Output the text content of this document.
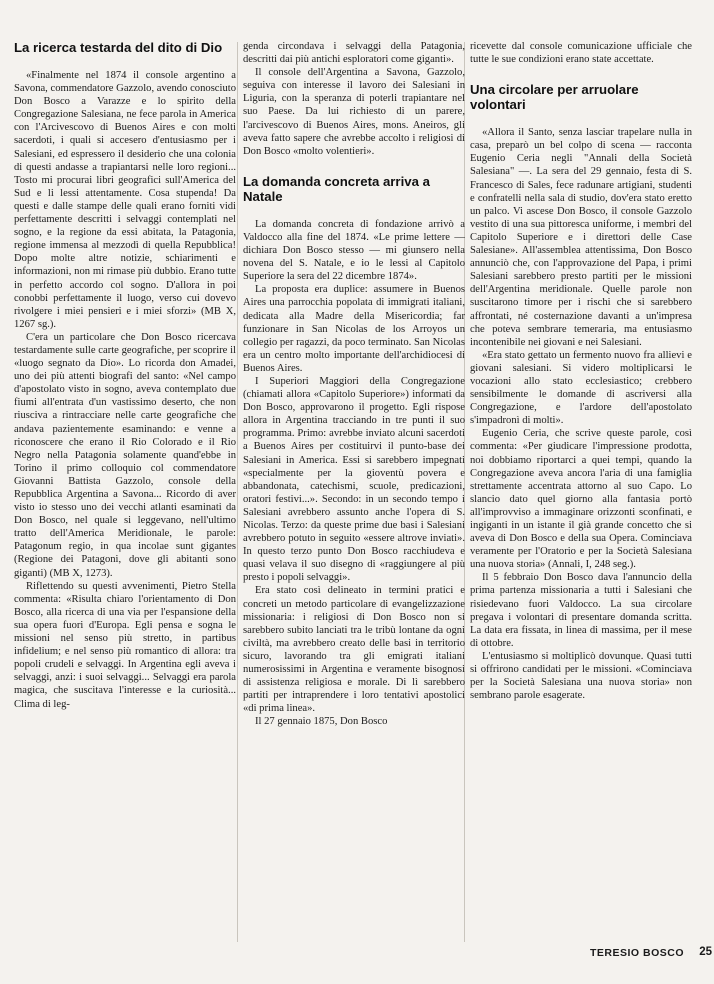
La ricerca testarda del dito di Dio

«Finalmente nel 1874 il console argentino a Savona, commendatore Gazzolo, avendo conosciuto Don Bosco a Varazze e lo spirito della Congregazione Salesiana, ne fece parola in America con l'Arcivescovo di Buenos Aires e con molti sacerdoti, i quali si accesero d'entusiasmo per i Salesiani, ed espressero il desiderio che una colonia di questi andasse a trapiantarsi nelle loro regioni... Tosto mi procurai libri geografici sull'America del Sud e li lessi attentamente. Cosa stupenda! Da questi e dalle stampe delle quali erano forniti vidi perfettamente descritti i selvaggi contemplati nel sogno, e la regione da essi abitata, la Patagonia, regione immensa al mezzodì di quella Repubblica! Dopo molte altre notizie, schiarimenti e informazioni, non mi rimase più dubbio. Erano tutte in perfetto accordo col sogno. D'allora in poi conobbi perfettamente il luogo, verso cui dovevo rivolgere i miei pensieri e i miei sforzi» (MB X, 1267 sg.).

C'era un particolare che Don Bosco ricercava testardamente sulle carte geografiche, per scoprire il «luogo segnato da Dio». Lo ricorda don Amadei, uno dei più attenti biografi del santo: «Nel campo d'apostolato visto in sogno, aveva contemplato due fiumi all'entrata d'un vastissimo deserto, che non riusciva a rintracciare nelle carte geografiche che andava pazientemente esaminando: e venne a riconoscere che erano il Rio Colorado e il Rio Negro nella Patagonia solamente quand'ebbe in Torino il primo colloquio col commendatore Giovanni Battista Gazzolo, console della Repubblica Argentina a Savona... Ricordo di aver visto io stesso uno dei vecchi atlanti esaminati da Don Bosco, nel quale si leggevano, nell'ultimo tratto dell'America Meridionale, le parole: Patagonum regio, in qua incolae sunt gigantes (Regione dei Patagoni, dove gli abitanti sono giganti) (MB X, 1273).

Riflettendo su questi avvenimenti, Pietro Stella commenta: «Risulta chiaro l'orientamento di Don Bosco, alla ricerca di una via per l'espansione della sua opera fuori d'Europa. Egli pensa e sogna le missioni nel senso più stretto, in partibus infidelium; e nel senso più romantico di allora: tra popoli crudeli e selvaggi. In Argentina egli aveva i selvaggi, anzi: i suoi selvaggi... Selvaggi era parola magica, che suscitava l'interesse e la curiosità... Clima di leg-

genda circondava i selvaggi della Patagonia, descritti dai più antichi esploratori come giganti».

Il console dell'Argentina a Savona, Gazzolo, seguiva con interesse il lavoro dei Salesiani in Liguria, con la speranza di poterli trapiantare nel suo Paese. Da lui richiesto di un parere, l'arcivescovo di Buenos Aires, mons. Aneiros, gli aveva fatto sapere che avrebbe accolto i religiosi di Don Bosco «molto volentieri».

La domanda concreta arriva a Natale

La domanda concreta di fondazione arrivò a Valdocco alla fine del 1874. «Le prime lettere — dichiara Don Bosco stesso — mi giunsero nella novena del S. Natale, e io le lessi al Capitolo Superiore la sera del 22 dicembre 1874».

La proposta era duplice: assumere in Buenos Aires una parrocchia popolata di immigrati italiani, dedicata alla Madre della Misericordia; far funzionare in San Nicolas de los Arroyos un collegio per ragazzi, da poco terminato. San Nicolas era un centro molto importante dell'archidiocesi di Buenos Aires.

I Superiori Maggiori della Congregazione (chiamati allora «Capitolo Superiore») informati da Don Bosco, approvarono il progetto. Egli rispose allora in Argentina tracciando in tre punti il suo programma. Primo: avrebbe inviato alcuni sacerdoti a Buenos Aires per costituirvi il punto-base dei Salesiani in America. Essi si sarebbero impegnati «specialmente per la gioventù povera e abbandonata, catechismi, scuole, predicazioni, oratori festivi...». Secondo: in un secondo tempo i Salesiani avrebbero assunto anche l'opera di S. Nicolas. Terzo: da queste prime due basi i Salesiani avrebbero potuto in seguito «essere altrove inviati». In questo terzo punto Don Bosco racchiudeva e quasi velava il suo disegno di «raggiungere al più presto i popoli selvaggi».

Era stato così delineato in termini pratici e concreti un metodo particolare di evangelizzazione missionaria: i religiosi di Don Bosco non si sarebbero subito lanciati tra le tribù lontane da ogni civiltà, ma avrebbero creato delle basi in territorio sicuro, lavorando tra gli emigrati italiani numerosissimi in Argentina e veramente bisognosi di assistenza religiosa e morale. Di lì sarebbero partiti per intraprendere i loro tentativi apostolici «di prima linea».

Il 27 gennaio 1875, Don Bosco

ricevette dal console comunicazione ufficiale che tutte le sue condizioni erano state accettate.

Una circolare per arruolare volontari

«Allora il Santo, senza lasciar trapelare nulla in casa, preparò un bel colpo di scena — racconta Eugenio Ceria negli "Annali della Società Salesiana" —. La sera del 29 gennaio, festa di S. Francesco di Sales, fece radunare artigiani, studenti e confratelli nella sala di studio, dov'era stato eretto un palco. Vi ascese Don Bosco, il console Gazzolo vestito di una sua pittoresca uniforme, i membri del Capitolo Superiore e i direttori delle Case Salesiane». All'assemblea attentissima, Don Bosco annunciò che, con l'approvazione del Papa, i primi Salesiani sarebbero presto partiti per le missioni dell'Argentina meridionale. Quelle parole non suscitarono timore per i rischi che si sarebbero affrontati, né costernazione davanti a un'impresa che poteva sembrare temeraria, ma entusiasmo incontenibile nei giovani e nei Salesiani.

«Era stato gettato un fermento nuovo fra allievi e giovani salesiani. Si videro moltiplicarsi le vocazioni allo stato ecclesiastico; crebbero sensibilmente le domande di ascriversi alla Congregazione, e l'ardore dell'apostolato s'impadronì di molti».

Eugenio Ceria, che scrive queste parole, così commenta: «Per giudicare l'impressione prodotta, noi dobbiamo riportarci a quei tempi, quando la Congregazione aveva ancora l'aria di una famiglia strettamente accentrata attorno al suo Capo. Lo slancio dato quel giorno alla fantasia portò all'improvviso a immaginare orizzonti sconfinati, e ingiganti in un istante il già grande concetto che si aveva di Don Bosco e della sua Opera. Cominciava veramente per l'Oratorio e per la Società Salesiana una nuova storia» (Annali, I, 248 seg.).

Il 5 febbraio Don Bosco dava l'annuncio della prima partenza missionaria a tutti i Salesiani che risiedevano fuori Valdocco. La sua circolare pregava i volontari di presentare domanda scritta. La data era fissata, in linea di massima, per il mese di ottobre.

L'entusiasmo si moltiplicò dovunque. Quasi tutti si offrirono candidati per le missioni. «Cominciava per la Società Salesiana una nuova storia» non sembrano parole esagerate.

TERESIO BOSCO 25
